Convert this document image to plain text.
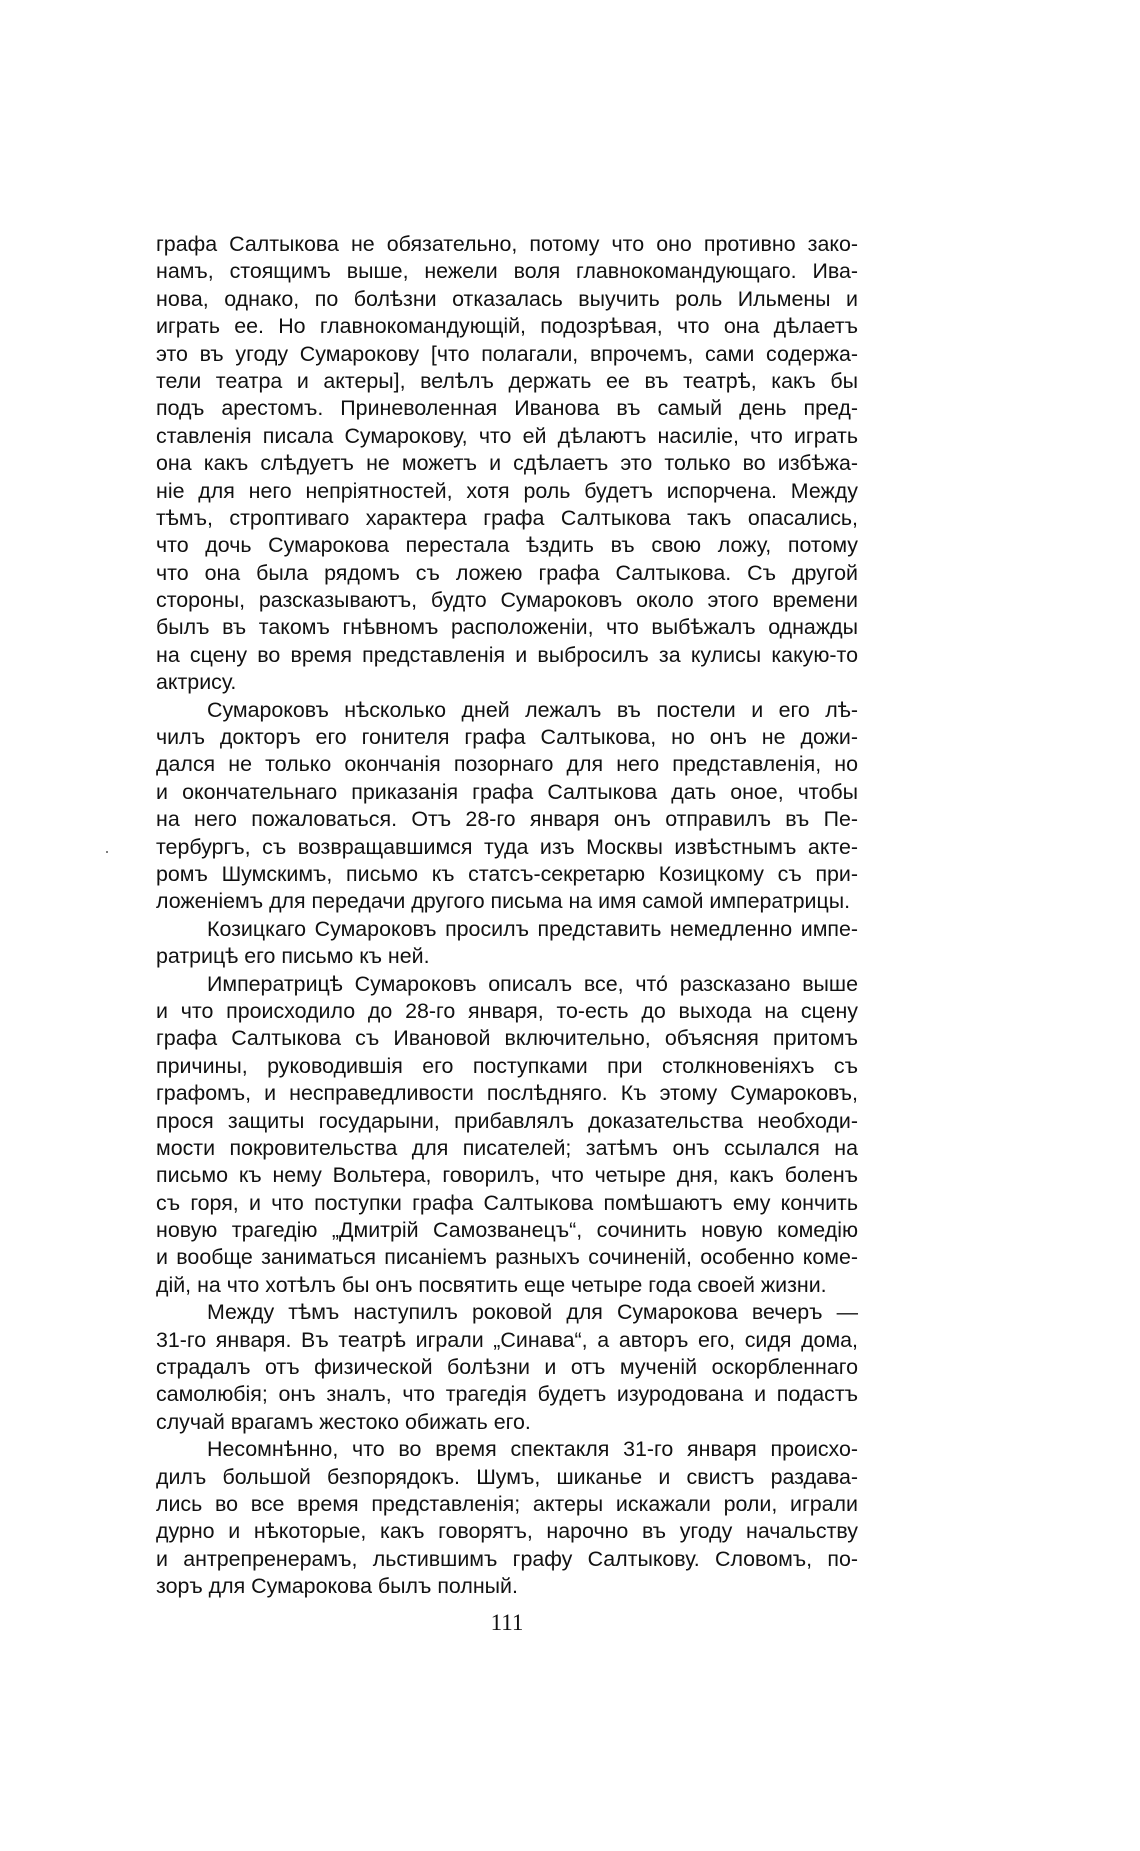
графа Салтыкова не обязательно, потому что оно противно зако-
намъ, стоящимъ выше, нежели воля главнокомандующаго. Ива-
нова, однако, по болѣзни отказалась выучить роль Ильмены и
играть ее. Но главнокомандующій, подозрѣвая, что она дѣлаетъ
это въ угоду Сумарокову [что полагали, впрочемъ, сами содержа-
тели театра и актеры], велѣлъ держать ее въ театрѣ, какъ бы
подъ арестомъ. Приневоленная Иванова въ самый день пред-
ставленія писала Сумарокову, что ей дѣлаютъ насиліе, что играть
она какъ слѣдуетъ не можетъ и сдѣлаетъ это только во избѣжа-
ніе для него непріятностей, хотя роль будетъ испорчена. Между
тѣмъ, строптиваго характера графа Салтыкова такъ опасались,
что дочь Сумарокова перестала ѣздить въ свою ложу, потому
что она была рядомъ съ ложею графа Салтыкова. Съ другой
стороны, разсказываютъ, будто Сумароковъ около этого времени
былъ въ такомъ гнѣвномъ расположеніи, что выбѣжалъ однажды
на сцену во время представленія и выбросилъ за кулисы какую-то
актрису.
Сумароковъ нѣсколько дней лежалъ въ постели и его лѣ-
чилъ докторъ его гонителя графа Салтыкова, но онъ не дожи-
дался не только окончанія позорнаго для него представленія, но
и окончательнаго приказанія графа Салтыкова дать оное, чтобы
на него пожаловаться. Отъ 28-го января онъ отправилъ въ Пе-
тербургъ, съ возвращавшимся туда изъ Москвы извѣстнымъ акте-
ромъ Шумскимъ, письмо къ статсъ-секретарю Козицкому съ при-
ложеніемъ для передачи другого письма на имя самой императрицы.
Козицкаго Сумароковъ просилъ представить немедленно импе-
ратрицѣ его письмо къ ней.
Императрицѣ Сумароковъ описалъ все, что́ разсказано выше
и что происходило до 28-го января, то-есть до выхода на сцену
графа Салтыкова съ Ивановой включительно, объясняя притомъ
причины, руководившія его поступками при столкновеніяхъ съ
графомъ, и несправедливости послѣдняго. Къ этому Сумароковъ,
прося защиты государыни, прибавлялъ доказательства необходи-
мости покровительства для писателей; затѣмъ онъ ссылался на
письмо къ нему Вольтера, говорилъ, что четыре дня, какъ боленъ
съ горя, и что поступки графа Салтыкова помѣшаютъ ему кончить
новую трагедію „Дмитрій Самозванецъ“, сочинить новую комедію
и вообще заниматься писаніемъ разныхъ сочиненій, особенно коме-
дій, на что хотѣлъ бы онъ посвятить еще четыре года своей жизни.
Между тѣмъ наступилъ роковой для Сумарокова вечеръ —
31-го января. Въ театрѣ играли „Синава“, а авторъ его, сидя дома,
страдалъ отъ физической болѣзни и отъ мученій оскорбленнаго
самолюбія; онъ зналъ, что трагедія будетъ изуродована и подастъ
случай врагамъ жестоко обижать его.
Несомнѣнно, что во время спектакля 31-го января происхо-
дилъ большой безпорядокъ. Шумъ, шиканье и свистъ раздава-
лись во все время представленія; актеры искажали роли, играли
дурно и нѣкоторые, какъ говорятъ, нарочно въ угоду начальству
и антрепренерамъ, льстившимъ графу Салтыкову. Словомъ, по-
зоръ для Сумарокова былъ полный.
111
